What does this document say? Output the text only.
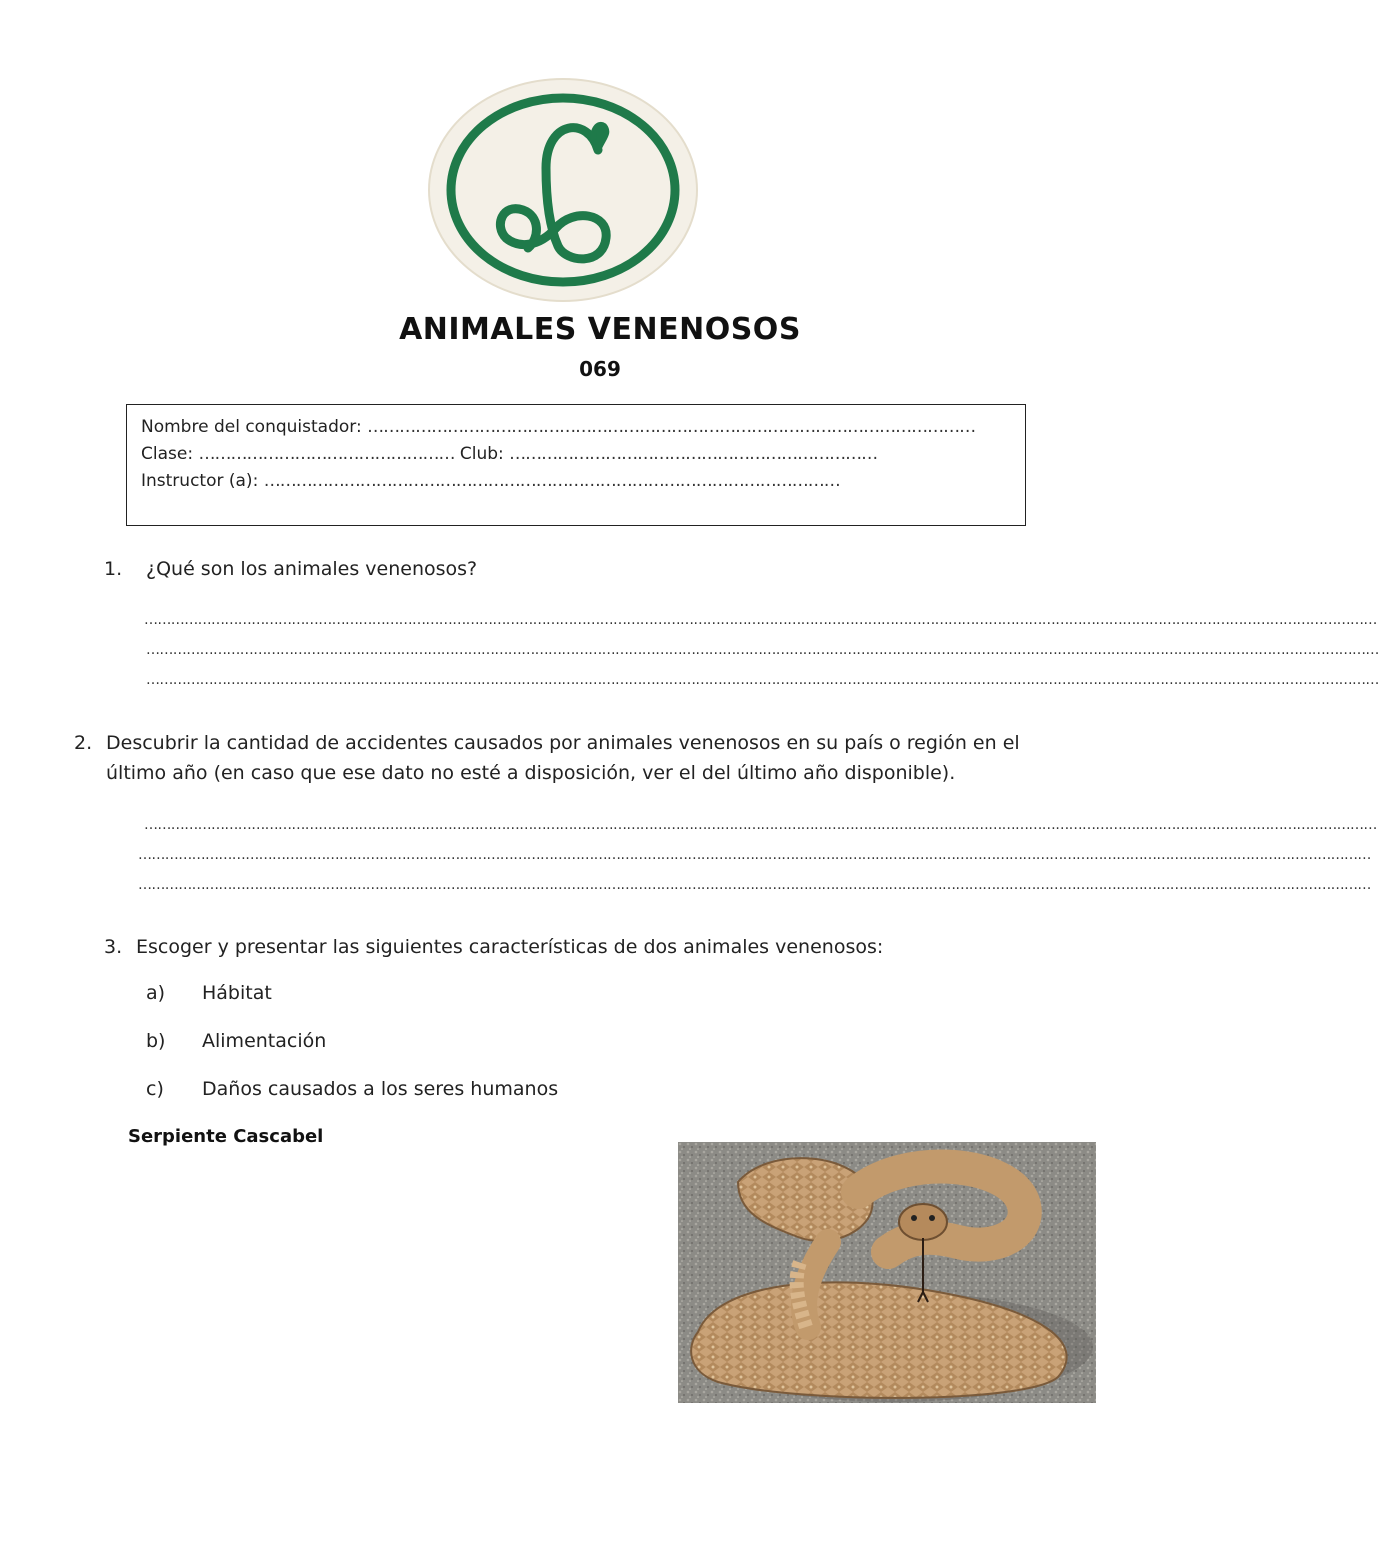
ANIMALES VENENOSOS
069
Nombre del conquistador: ……………………………………………………………………………………………………
Clase: ………………………………………… Club: ……………………………………………………………
Instructor (a): ………………………………………………………………………………………………
1. ¿Qué son los animales venenosos?
……………………………………………………………………………………………………………………………………………………………………………………………………………………………………………………
……………………………………………………………………………………………………………………………………………………………………………………………………………………………………………………
……………………………………………………………………………………………………………………………………………………………………………………………………………………………………………………
2. Descubrir la cantidad de accidentes causados por animales venenosos en su país o región en el
último año (en caso que ese dato no esté a disposición, ver el del último año disponible).
……………………………………………………………………………………………………………………………………………………………………………………………………………………………………………………
……………………………………………………………………………………………………………………………………………………………………………………………………………………………………………………
……………………………………………………………………………………………………………………………………………………………………………………………………………………………………………………
3. Escoger y presentar las siguientes características de dos animales venenosos:
a) Hábitat
b) Alimentación
c) Daños causados a los seres humanos
Serpiente Cascabel
